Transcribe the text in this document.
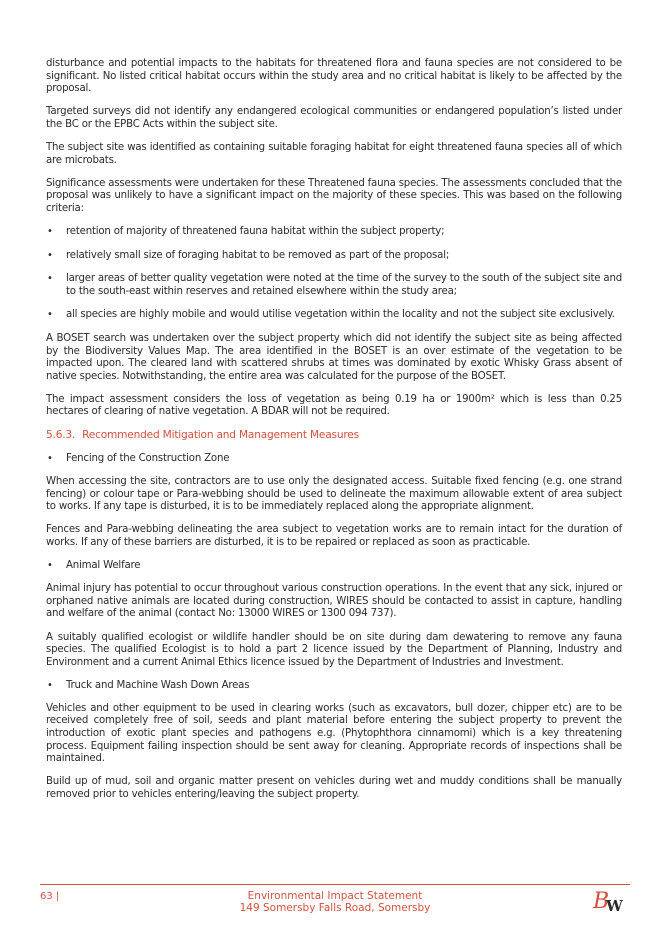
disturbance and potential impacts to the habitats for threatened flora and fauna species are not considered to be significant. No listed critical habitat occurs within the study area and no critical habitat is likely to be affected by the proposal.

Targeted surveys did not identify any endangered ecological communities or endangered population’s listed under the BC or the EPBC Acts within the subject site.

The subject site was identified as containing suitable foraging habitat for eight threatened fauna species all of which are microbats.

Significance assessments were undertaken for these Threatened fauna species. The assessments concluded that the proposal was unlikely to have a significant impact on the majority of these species. This was based on the following criteria:

• retention of majority of threatened fauna habitat within the subject property;
• relatively small size of foraging habitat to be removed as part of the proposal;
• larger areas of better quality vegetation were noted at the time of the survey to the south of the subject site and to the south-east within reserves and retained elsewhere within the study area;
• all species are highly mobile and would utilise vegetation within the locality and not the subject site exclusively.

A BOSET search was undertaken over the subject property which did not identify the subject site as being affected by the Biodiversity Values Map. The area identified in the BOSET is an over estimate of the vegetation to be impacted upon. The cleared land with scattered shrubs at times was dominated by exotic Whisky Grass absent of native species. Notwithstanding, the entire area was calculated for the purpose of the BOSET.

The impact assessment considers the loss of vegetation as being 0.19 ha or 1900m² which is less than 0.25 hectares of clearing of native vegetation. A BDAR will not be required.

5.6.3. Recommended Mitigation and Management Measures
• Fencing of the Construction Zone

When accessing the site, contractors are to use only the designated access. Suitable fixed fencing (e.g. one strand fencing) or colour tape or Para-webbing should be used to delineate the maximum allowable extent of area subject to works. If any tape is disturbed, it is to be immediately replaced along the appropriate alignment.

Fences and Para-webbing delineating the area subject to vegetation works are to remain intact for the duration of works. If any of these barriers are disturbed, it is to be repaired or replaced as soon as practicable.

• Animal Welfare

Animal injury has potential to occur throughout various construction operations. In the event that any sick, injured or orphaned native animals are located during construction, WIRES should be contacted to assist in capture, handling and welfare of the animal (contact No: 13000 WIRES or 1300 094 737).

A suitably qualified ecologist or wildlife handler should be on site during dam dewatering to remove any fauna species. The qualified Ecologist is to hold a part 2 licence issued by the Department of Planning, Industry and Environment and a current Animal Ethics licence issued by the Department of Industries and Investment.

• Truck and Machine Wash Down Areas

Vehicles and other equipment to be used in clearing works (such as excavators, bull dozer, chipper etc) are to be received completely free of soil, seeds and plant material before entering the subject property to prevent the introduction of exotic plant species and pathogens e.g. (Phytophthora cinnamomi) which is a key threatening process. Equipment failing inspection should be sent away for cleaning. Appropriate records of inspections shall be maintained.

Build up of mud, soil and organic matter present on vehicles during wet and muddy conditions shall be manually removed prior to vehicles entering/leaving the subject property.

63 |	Environmental Impact Statement
149 Somersby Falls Road, Somersby	B
W
